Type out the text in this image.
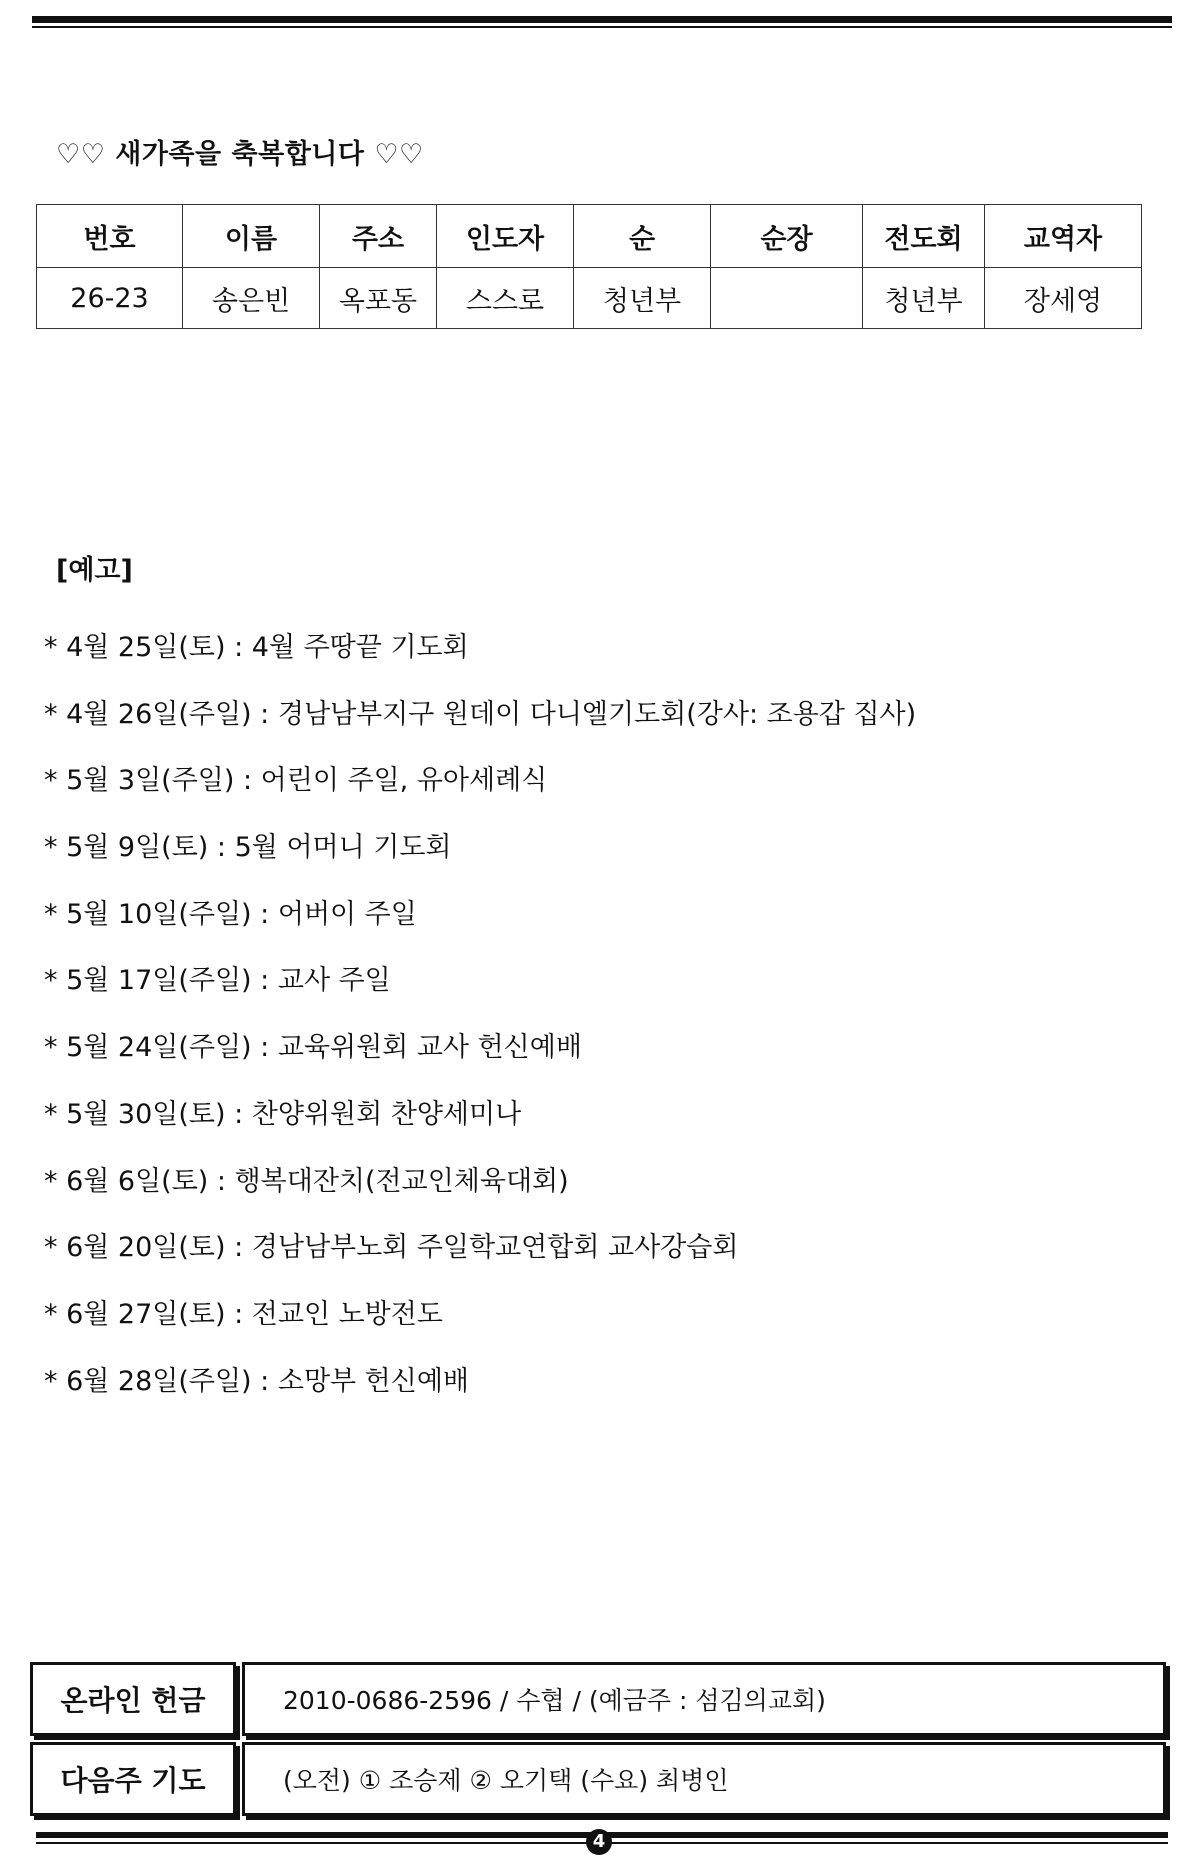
♡♡ 새가족을 축복합니다 ♡♡
번호	이름	주소	인도자	순	순장	전도회	교역자
26-23	송은빈	옥포동	스스로	청년부		청년부	장세영
[예고]
* 4월 25일(토) : 4월 주땅끝 기도회
* 4월 26일(주일) : 경남남부지구 원데이 다니엘기도회(강사: 조용갑 집사)
* 5월 3일(주일) : 어린이 주일, 유아세례식
* 5월 9일(토) : 5월 어머니 기도회
* 5월 10일(주일) : 어버이 주일
* 5월 17일(주일) : 교사 주일
* 5월 24일(주일) : 교육위원회 교사 헌신예배
* 5월 30일(토) : 찬양위원회 찬양세미나
* 6월 6일(토) : 행복대잔치(전교인체육대회)
* 6월 20일(토) : 경남남부노회 주일학교연합회 교사강습회
* 6월 27일(토) : 전교인 노방전도
* 6월 28일(주일) : 소망부 헌신예배
온라인 헌금	2010-0686-2596 / 수협 / (예금주 : 섬김의교회)
다음주 기도	(오전) ① 조승제 ② 오기택 (수요) 최병인
4
